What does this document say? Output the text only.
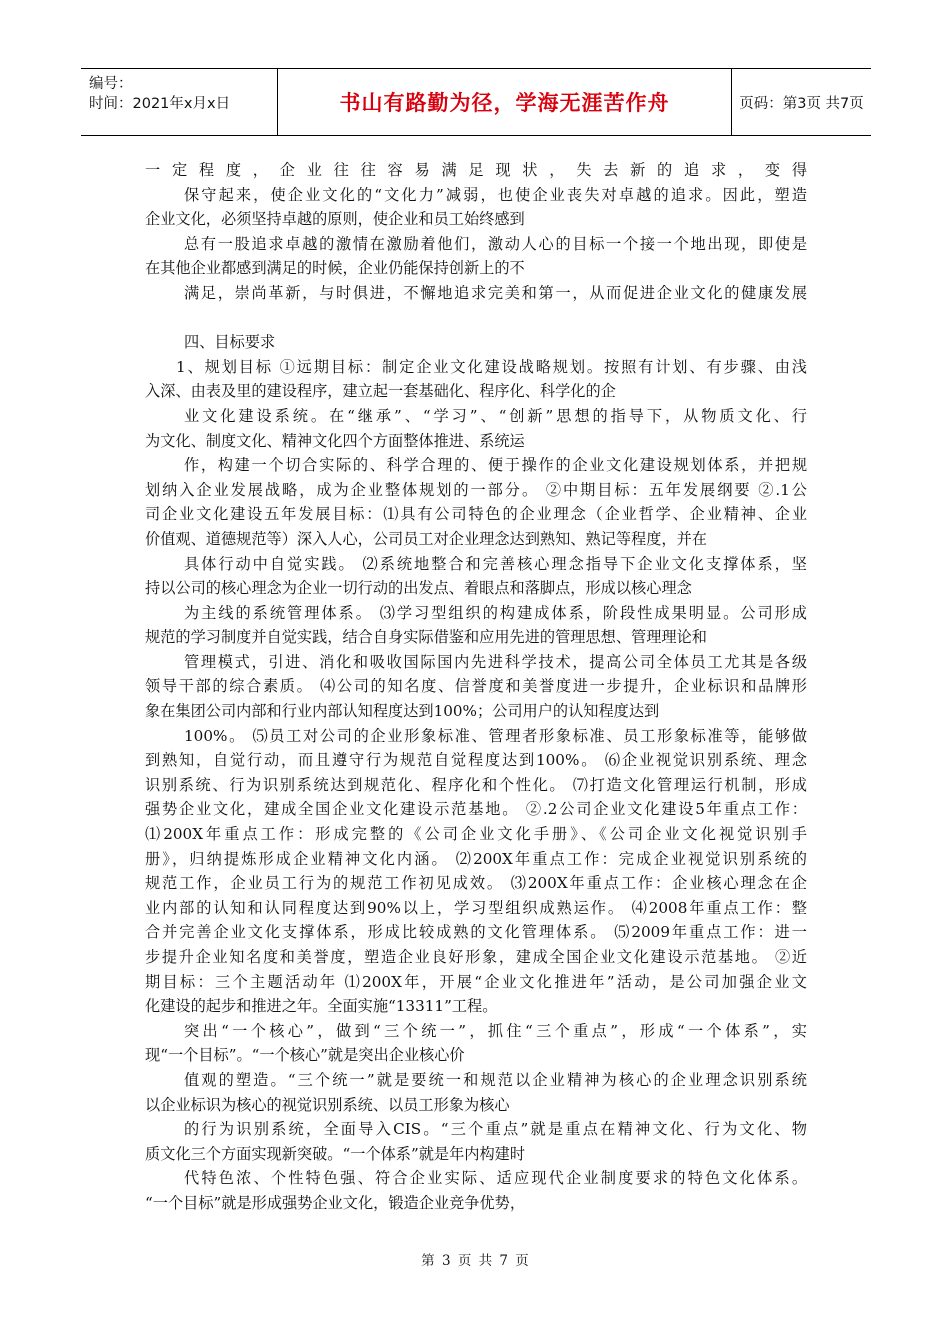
编号：
时间：2021年x月x日	书山有路勤为径，学海无涯苦作舟	页码：第3页 共7页
一定程度，企业往往容易满足现状，失去新的追求，变得
保守起来，使企业文化的“文化力”减弱，也使企业丧失对卓越的追求。因此，塑造
企业文化，必须坚持卓越的原则，使企业和员工始终感到
总有一股追求卓越的激情在激励着他们，激动人心的目标一个接一个地出现，即使是
在其他企业都感到满足的时候，企业仍能保持创新上的不
满足，崇尚革新，与时俱进，不懈地追求完美和第一，从而促进企业文化的健康发展
四、目标要求
1、规划目标 ①远期目标：制定企业文化建设战略规划。按照有计划、有步骤、由浅
入深、由表及里的建设程序，建立起一套基础化、程序化、科学化的企
业文化建设系统。在“继承”、“学习”、“创新”思想的指导下，从物质文化、行
为文化、制度文化、精神文化四个方面整体推进、系统运
作，构建一个切合实际的、科学合理的、便于操作的企业文化建设规划体系，并把规
划纳入企业发展战略，成为企业整体规划的一部分。 ②中期目标：五年发展纲要 ②.1公
司企业文化建设五年发展目标：⑴具有公司特色的企业理念（企业哲学、企业精神、企业
价值观、道德规范等）深入人心，公司员工对企业理念达到熟知、熟记等程度，并在
具体行动中自觉实践。 ⑵系统地整合和完善核心理念指导下企业文化支撑体系，坚
持以公司的核心理念为企业一切行动的出发点、着眼点和落脚点，形成以核心理念
为主线的系统管理体系。 ⑶学习型组织的构建成体系，阶段性成果明显。公司形成
规范的学习制度并自觉实践，结合自身实际借鉴和应用先进的管理思想、管理理论和
管理模式，引进、消化和吸收国际国内先进科学技术，提高公司全体员工尤其是各级
领导干部的综合素质。 ⑷公司的知名度、信誉度和美誉度进一步提升，企业标识和品牌形
象在集团公司内部和行业内部认知程度达到100%；公司用户的认知程度达到
100%。 ⑸员工对公司的企业形象标准、管理者形象标准、员工形象标准等，能够做
到熟知，自觉行动，而且遵守行为规范自觉程度达到100%。 ⑹企业视觉识别系统、理念
识别系统、行为识别系统达到规范化、程序化和个性化。 ⑺打造文化管理运行机制，形成
强势企业文化，建成全国企业文化建设示范基地。 ②.2公司企业文化建设5年重点工作：
⑴200X年重点工作：形成完整的《公司企业文化手册》、《公司企业文化视觉识别手
册》，归纳提炼形成企业精神文化内涵。 ⑵200X年重点工作：完成企业视觉识别系统的
规范工作，企业员工行为的规范工作初见成效。 ⑶200X年重点工作：企业核心理念在企
业内部的认知和认同程度达到90%以上，学习型组织成熟运作。 ⑷2008年重点工作：整
合并完善企业文化支撑体系，形成比较成熟的文化管理体系。 ⑸2009年重点工作：进一
步提升企业知名度和美誉度，塑造企业良好形象，建成全国企业文化建设示范基地。 ②近
期目标：三个主题活动年 ⑴200X年，开展“企业文化推进年”活动，是公司加强企业文
化建设的起步和推进之年。全面实施“13311”工程。
突出“一个核心”，做到“三个统一”，抓住“三个重点”，形成“一个体系”，实
现“一个目标”。“一个核心”就是突出企业核心价
值观的塑造。“三个统一”就是要统一和规范以企业精神为核心的企业理念识别系统
以企业标识为核心的视觉识别系统、以员工形象为核心
的行为识别系统，全面导入CIS。“三个重点”就是重点在精神文化、行为文化、物
质文化三个方面实现新突破。“一个体系”就是年内构建时
代特色浓、个性特色强、符合企业实际、适应现代企业制度要求的特色文化体系。
“一个目标”就是形成强势企业文化，锻造企业竞争优势，
第 3 页 共 7 页
